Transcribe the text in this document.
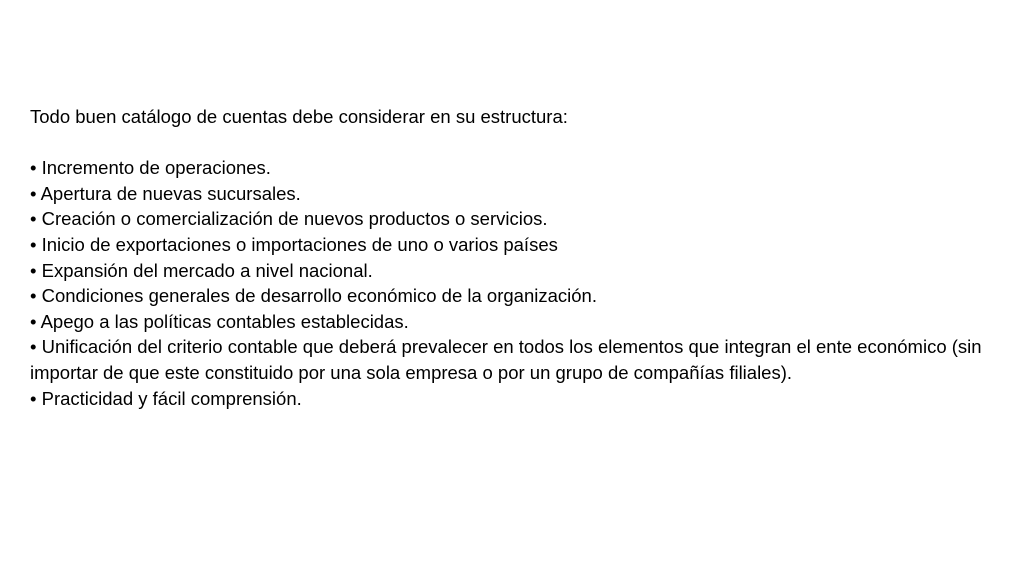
Todo buen catálogo de cuentas debe considerar en su estructura:

• Incremento de operaciones.
• Apertura de nuevas sucursales.
• Creación o comercialización de nuevos productos o servicios.
• Inicio de exportaciones o importaciones de uno o varios países
• Expansión del mercado a nivel nacional.
• Condiciones generales de desarrollo económico de la organización.
• Apego a las políticas contables establecidas.
• Unificación del criterio contable que deberá prevalecer en todos los elementos que integran el ente económico (sin importar de que este constituido por una sola empresa o por un grupo de compañías filiales).
• Practicidad y fácil comprensión.
